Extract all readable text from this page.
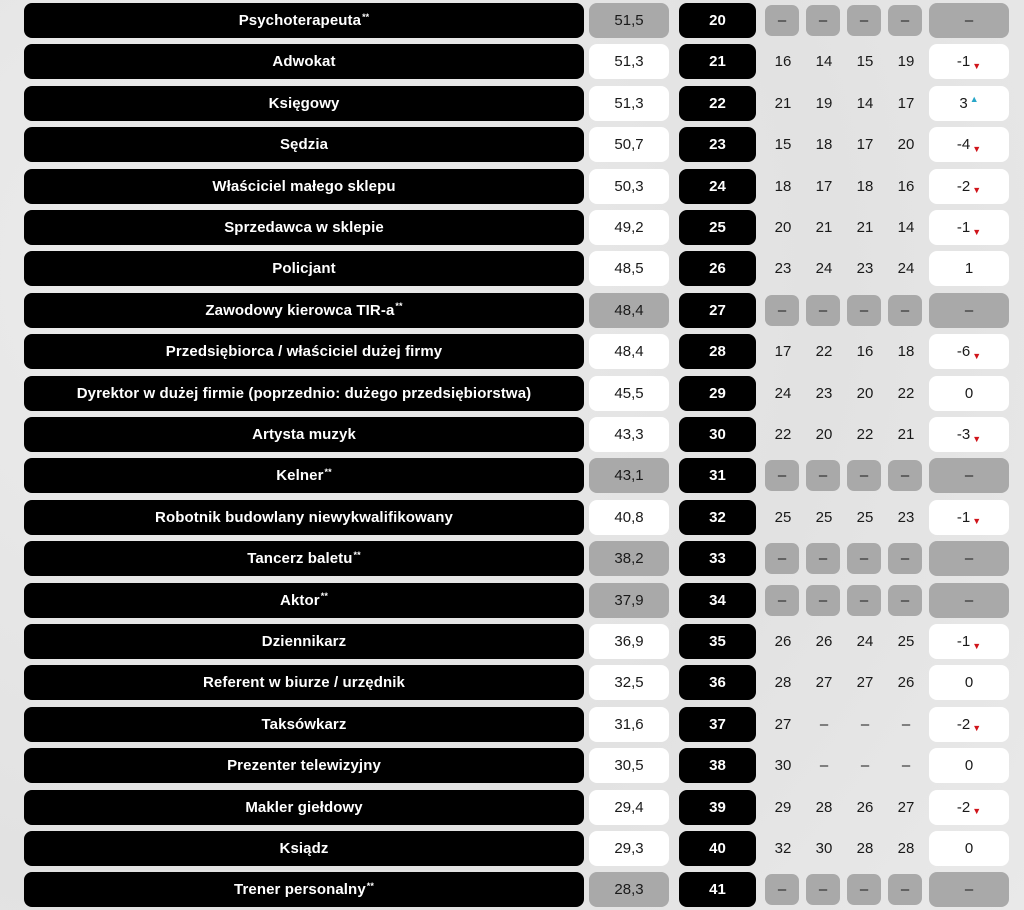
Psychoterapeuta**	51,5	20	–	–	–	–	–
Adwokat	51,3	21	16	14	15	19	-1 ▼
Księgowy	51,3	22	21	19	14	17	3 ▲
Sędzia	50,7	23	15	18	17	20	-4 ▼
Właściciel małego sklepu	50,3	24	18	17	18	16	-2 ▼
Sprzedawca w sklepie	49,2	25	20	21	21	14	-1 ▼
Policjant	48,5	26	23	24	23	24	1
Zawodowy kierowca TIR-a**	48,4	27	–	–	–	–	–
Przedsiębiorca / właściciel dużej firmy	48,4	28	17	22	16	18	-6 ▼
Dyrektor w dużej firmie (poprzednio: dużego przedsiębiorstwa)	45,5	29	24	23	20	22	0
Artysta muzyk	43,3	30	22	20	22	21	-3 ▼
Kelner**	43,1	31	–	–	–	–	–
Robotnik budowlany niewykwalifikowany	40,8	32	25	25	25	23	-1 ▼
Tancerz baletu**	38,2	33	–	–	–	–	–
Aktor**	37,9	34	–	–	–	–	–
Dziennikarz	36,9	35	26	26	24	25	-1 ▼
Referent w biurze / urzędnik	32,5	36	28	27	27	26	0
Taksówkarz	31,6	37	27	–	–	–	-2 ▼
Prezenter telewizyjny	30,5	38	30	–	–	–	0
Makler giełdowy	29,4	39	29	28	26	27	-2 ▼
Ksiądz	29,3	40	32	30	28	28	0
Trener personalny**	28,3	41	–	–	–	–	–
